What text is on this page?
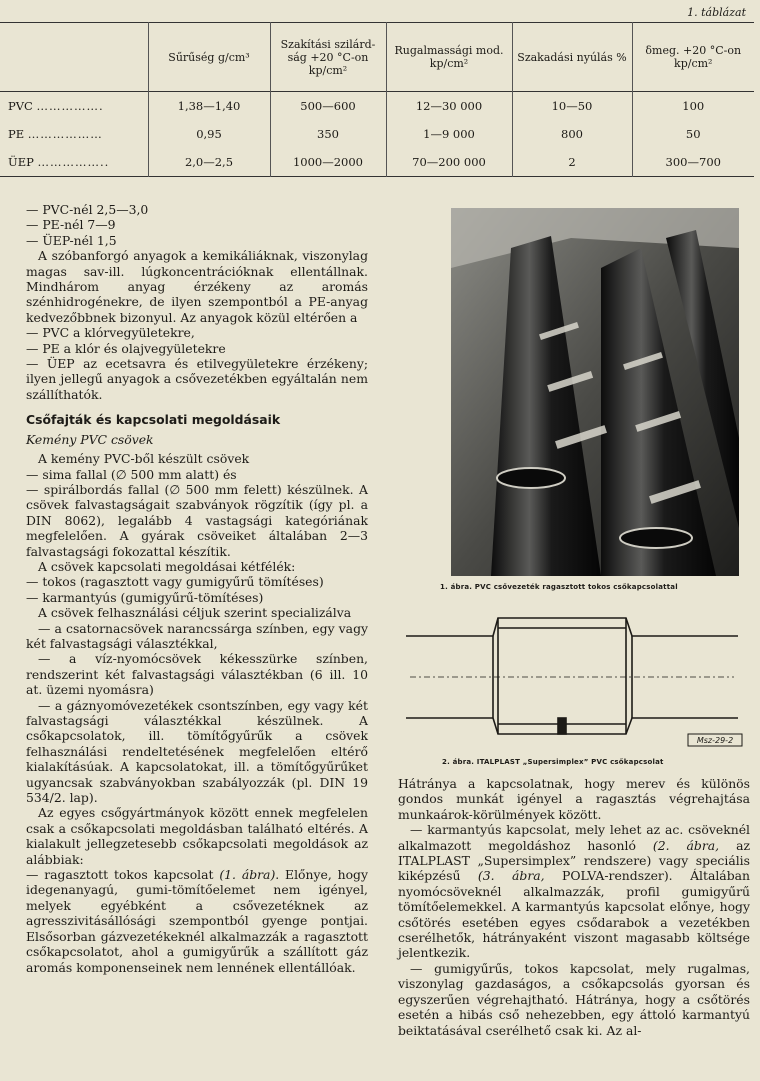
1. táblázat
	Sűrűség g/cm³	Szakítási szilárd-ság +20 °C-on kp/cm²	Rugalmassági mod. kp/cm²	Szakadási nyúlás %	δmeg. +20 °C-on kp/cm²
PVC …………….	1,38—1,40	500—600	12—30 000	10—50	100
PE ………………	0,95	350	1—9 000	800	50
ÜEP ……………..	2,0—2,5	1000—2000	70—200 000	2	300—700

— PVC-nél 2,5—3,0

— PE-nél 7—9

— ÜEP-nél 1,5

A szóbanforgó anyagok a kemikáliáknak, viszonylag magas sav-ill. lúgkoncentrációknak ellentállnak. Mindhárom anyag érzékeny az aromás szénhidrogénekre, de ilyen szempontból a PE-anyag kedvezőbbnek bizonyul. Az anyagok közül eltérően a

— PVC a klórvegyületekre,

— PE a klór és olajvegyületekre

— ÜEP az ecetsavra és etilvegyületekre érzékeny; ilyen jellegű anyagok a csővezetékben egyáltalán nem szállíthatók.

Csőfajták és kapcsolati megoldásaik

Kemény PVC csövek

A kemény PVC-ből készült csövek

— sima fallal (∅ 500 mm alatt) és

— spirálbordás fallal (∅ 500 mm felett) készülnek. A csövek falvastagságait szabványok rögzítik (így pl. a DIN 8062), legalább 4 vastagsági kategóriának megfelelően. A gyárak csöveiket általában 2—3 falvastagsági fokozattal készítik.

A csövek kapcsolati megoldásai kétfélék:

— tokos (ragasztott vagy gumigyűrű tömítéses)

— karmantyús (gumigyűrű-tömítéses)

A csövek felhasználási céljuk szerint specializálva

— a csatornacsövek narancssárga színben, egy vagy két falvastagsági választékkal,

— a víz-nyomócsövek kékesszürke színben, rendszerint két falvastagsági választékban (6 ill. 10 at. üzemi nyomásra)

— a gáznyomóvezetékek csontszínben, egy vagy két falvastagsági választékkal készülnek. A csőkapcsolatok, ill. tömítőgyűrűk a csövek felhasználási rendeltetésének megfelelően eltérő kialakításúak. A kapcsolatokat, ill. a tömítőgyűrűket ugyancsak szabványokban szabályozzák (pl. DIN 19 534/2. lap).

Az egyes csőgyártmányok között ennek megfelelen csak a csőkapcsolati megoldásban található eltérés. A kialakult jellegzetesebb csőkapcsolati megoldások az alábbiak:

— ragasztott tokos kapcsolat (1. ábra). Előnye, hogy idegenanyagú, gumi-tömítőelemet nem igényel, melyek egyébként a csővezetéknek az agresszivitásállósági szempontból gyenge pontjai. Elsősorban gázvezetékeknél alkalmazzák a ragasztott csőkapcsolatot, ahol a gumigyűrűk a szállított gáz aromás komponenseinek nem lennének ellentállóak.

1. ábra. PVC csővezeték ragasztott tokos csőkapcsolattal
Msz-29-2
2. ábra. ITALPLAST „Supersimplex” PVC csőkapcsolat

Hátránya a kapcsolatnak, hogy merev és különös gondos munkát igényel a ragasztás végrehajtása munkaárok-körülmények között.

— karmantyús kapcsolat, mely lehet az ac. csöveknél alkalmazott megoldáshoz hasonló (2. ábra, az ITALPLAST „Supersimplex” rendszere) vagy speciális kiképzésű (3. ábra, POLVA-rendszer). Általában nyomócsöveknél alkalmazzák, profil gumigyűrű tömítőelemekkel. A karmantyús kapcsolat előnye, hogy csőtörés esetében egyes csődarabok a vezetékben cserélhetők, hátrányaként viszont magasabb költsége jelentkezik.

— gumigyűrűs, tokos kapcsolat, mely rugalmas, viszonylag gazdaságos, a csőkapcsolás gyorsan és egyszerűen végrehajtható. Hátránya, hogy a csőtörés esetén a hibás cső nehezebben, egy áttoló karmantyú beiktatásával cserélhető csak ki. Az al-
